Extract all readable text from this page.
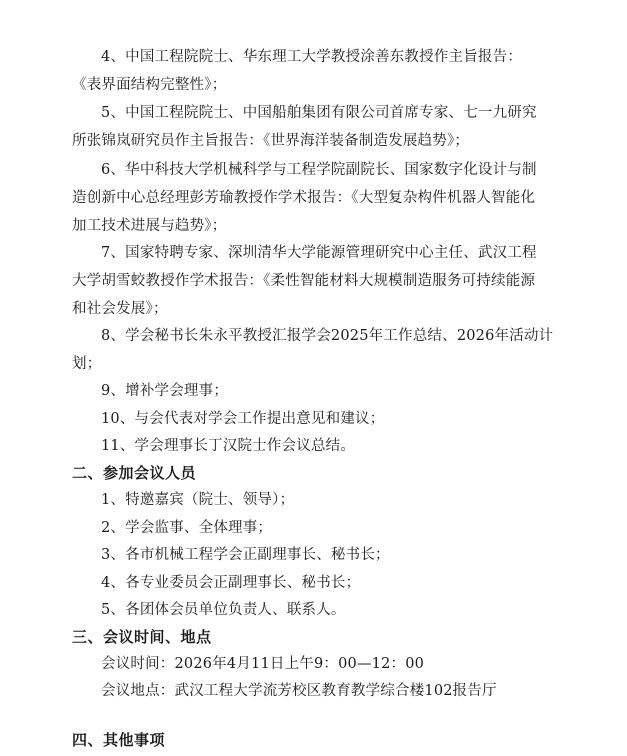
4、中国工程院院士、华东理工大学教授涂善东教授作主旨报告：
《表界面结构完整性》；
5、中国工程院院士、中国船舶集团有限公司首席专家、七一九研究
所张锦岚研究员作主旨报告：《世界海洋装备制造发展趋势》；
6、华中科技大学机械科学与工程学院副院长、国家数字化设计与制
造创新中心总经理彭芳瑜教授作学术报告：《大型复杂构件机器人智能化
加工技术进展与趋势》；
7、国家特聘专家、深圳清华大学能源管理研究中心主任、武汉工程
大学胡雪蛟教授作学术报告：《柔性智能材料大规模制造服务可持续能源
和社会发展》；
8、学会秘书长朱永平教授汇报学会2025年工作总结、2026年活动计
划；
9、增补学会理事；
10、与会代表对学会工作提出意见和建议；
11、学会理事长丁汉院士作会议总结。
二、参加会议人员
1、特邀嘉宾（院士、领导）；
2、学会监事、全体理事；
3、各市机械工程学会正副理事长、秘书长；
4、各专业委员会正副理事长、秘书长；
5、各团体会员单位负责人、联系人。
三、会议时间、地点
会议时间：2026年4月11日上午9：00—12：00
会议地点：武汉工程大学流芳校区教育教学综合楼102报告厅
四、其他事项
